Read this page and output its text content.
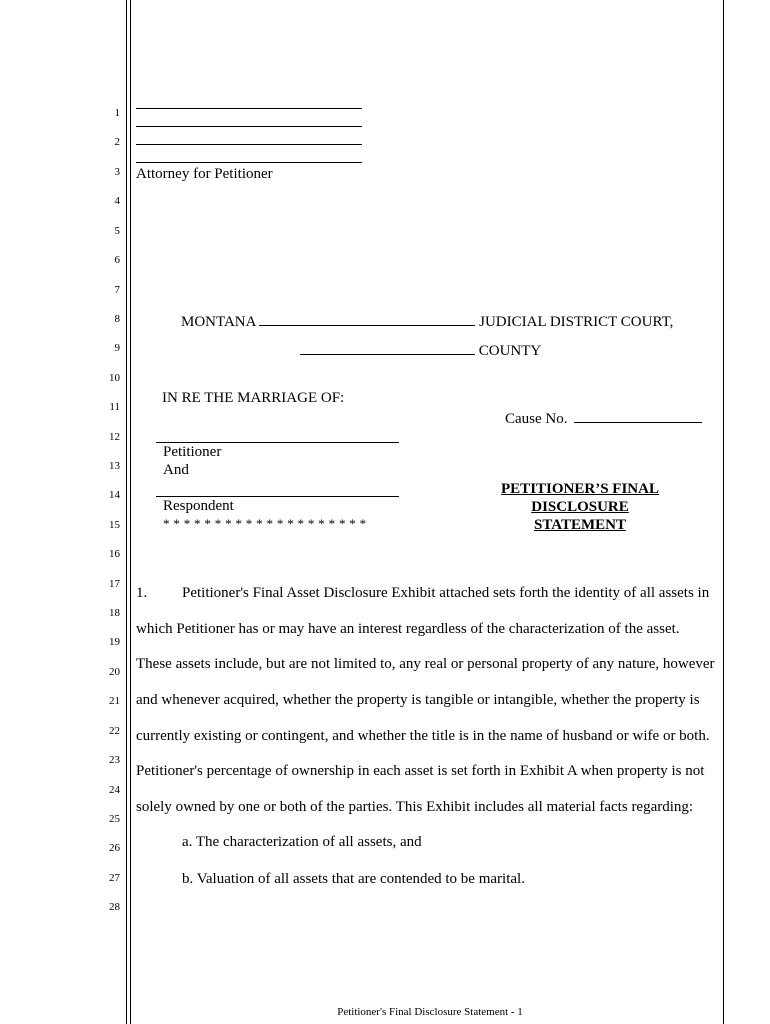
1
2
3
4
5
6
7
8
9
10
11
12
13
14
15
16
17
18
19
20
21
22
23
24
25
26
27
28
Attorney for Petitioner
MONTANA	JUDICIAL DISTRICT COURT,
COUNTY
IN RE THE MARRIAGE OF:
Cause No.
Petitioner
And
Respondent
* * * * * * * * * * * * * * * * * * * *
PETITIONER’S FINAL
DISCLOSURE
STATEMENT
1. Petitioner's Final Asset Disclosure Exhibit attached sets forth the identity of all assets in
which Petitioner has or may have an interest regardless of the characterization of the asset.
These assets include, but are not limited to, any real or personal property of any nature, however
and whenever acquired, whether the property is tangible or intangible, whether the property is
currently existing or contingent, and whether the title is in the name of husband or wife or both.
Petitioner's percentage of ownership in each asset is set forth in Exhibit A when property is not
solely owned by one or both of the parties. This Exhibit includes all material facts regarding:
a. The characterization of all assets, and
b. Valuation of all assets that are contended to be marital.
Petitioner's Final Disclosure Statement - 1
